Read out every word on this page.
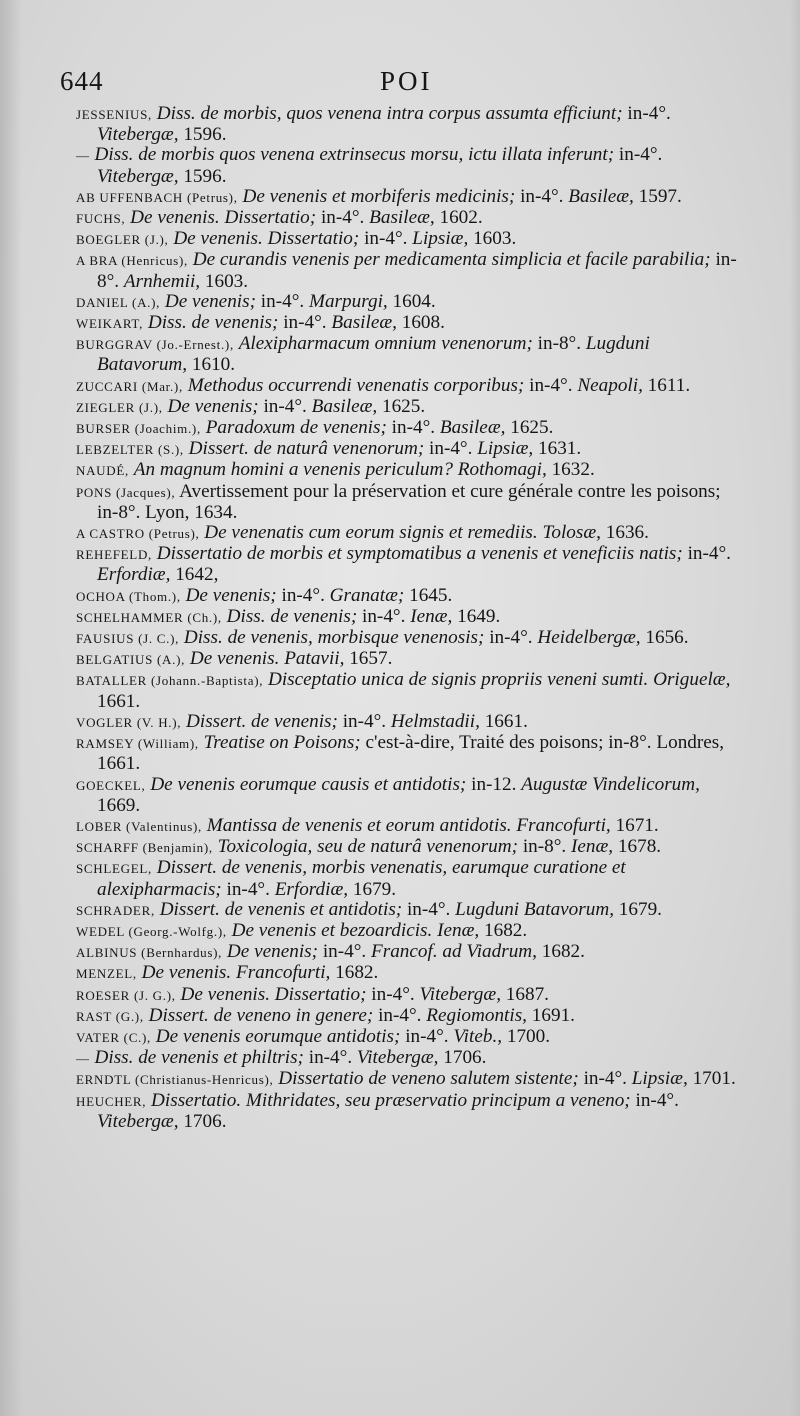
644	POI

JESSENIUS, Diss. de morbis, quos venena intra corpus assumta efficiunt; in-4°. Vitebergæ, 1596.

— Diss. de morbis quos venena extrinsecus morsu, ictu illata inferunt; in-4°. Vitebergæ, 1596.

AB UFFENBACH (Petrus), De venenis et morbiferis medicinis; in-4°. Basileæ, 1597.

FUCHS, De venenis. Dissertatio; in-4°. Basileæ, 1602.

BOEGLER (J.), De venenis. Dissertatio; in-4°. Lipsiæ, 1603.

A BRA (Henricus), De curandis venenis per medicamenta simplicia et facile parabilia; in-8°. Arnhemii, 1603.

DANIEL (A.), De venenis; in-4°. Marpurgi, 1604.

WEIKART, Diss. de venenis; in-4°. Basileæ, 1608.

BURGGRAV (Jo.-Ernest.), Alexipharmacum omnium venenorum; in-8°. Lugduni Batavorum, 1610.

ZUCCARI (Mar.), Methodus occurrendi venenatis corporibus; in-4°. Neapoli, 1611.

ZIEGLER (J.), De venenis; in-4°. Basileæ, 1625.

BURSER (Joachim.), Paradoxum de venenis; in-4°. Basileæ, 1625.

LEBZELTER (S.), Dissert. de naturâ venenorum; in-4°. Lipsiæ, 1631.

NAUDÉ, An magnum homini a venenis periculum? Rothomagi, 1632.

PONS (Jacques), Avertissement pour la préservation et cure générale contre les poisons; in-8°. Lyon, 1634.

A CASTRO (Petrus), De venenatis cum eorum signis et remediis. Tolosæ, 1636.

REHEFELD, Dissertatio de morbis et symptomatibus a venenis et veneficiis natis; in-4°. Erfordiæ, 1642,

OCHOA (Thom.), De venenis; in-4°. Granatæ; 1645.

SCHELHAMMER (Ch.), Diss. de venenis; in-4°. Ienæ, 1649.

FAUSIUS (J. C.), Diss. de venenis, morbisque venenosis; in-4°. Heidelbergæ, 1656.

BELGATIUS (A.), De venenis. Patavii, 1657.

BATALLER (Johann.-Baptista), Disceptatio unica de signis propriis veneni sumti. Origuelæ, 1661.

VOGLER (V. H.), Dissert. de venenis; in-4°. Helmstadii, 1661.

RAMSEY (William), Treatise on Poisons; c'est-à-dire, Traité des poisons; in-8°. Londres, 1661.

GOECKEL, De venenis eorumque causis et antidotis; in-12. Augustæ Vindelicorum, 1669.

LOBER (Valentinus), Mantissa de venenis et eorum antidotis. Francofurti, 1671.

SCHARFF (Benjamin), Toxicologia, seu de naturâ venenorum; in-8°. Ienæ, 1678.

SCHLEGEL, Dissert. de venenis, morbis venenatis, earumque curatione et alexipharmacis; in-4°. Erfordiæ, 1679.

SCHRADER, Dissert. de venenis et antidotis; in-4°. Lugduni Batavorum, 1679.

WEDEL (Georg.-Wolfg.), De venenis et bezoardicis. Ienæ, 1682.

ALBINUS (Bernhardus), De venenis; in-4°. Francof. ad Viadrum, 1682.

MENZEL, De venenis. Francofurti, 1682.

ROESER (J. G.), De venenis. Dissertatio; in-4°. Vitebergæ, 1687.

RAST (G.), Dissert. de veneno in genere; in-4°. Regiomontis, 1691.

VATER (C.), De venenis eorumque antidotis; in-4°. Viteb., 1700.

— Diss. de venenis et philtris; in-4°. Vitebergæ, 1706.

ERNDTL (Christianus-Henricus), Dissertatio de veneno salutem sistente; in-4°. Lipsiæ, 1701.

HEUCHER, Dissertatio. Mithridates, seu præservatio principum a veneno; in-4°. Vitebergæ, 1706.
